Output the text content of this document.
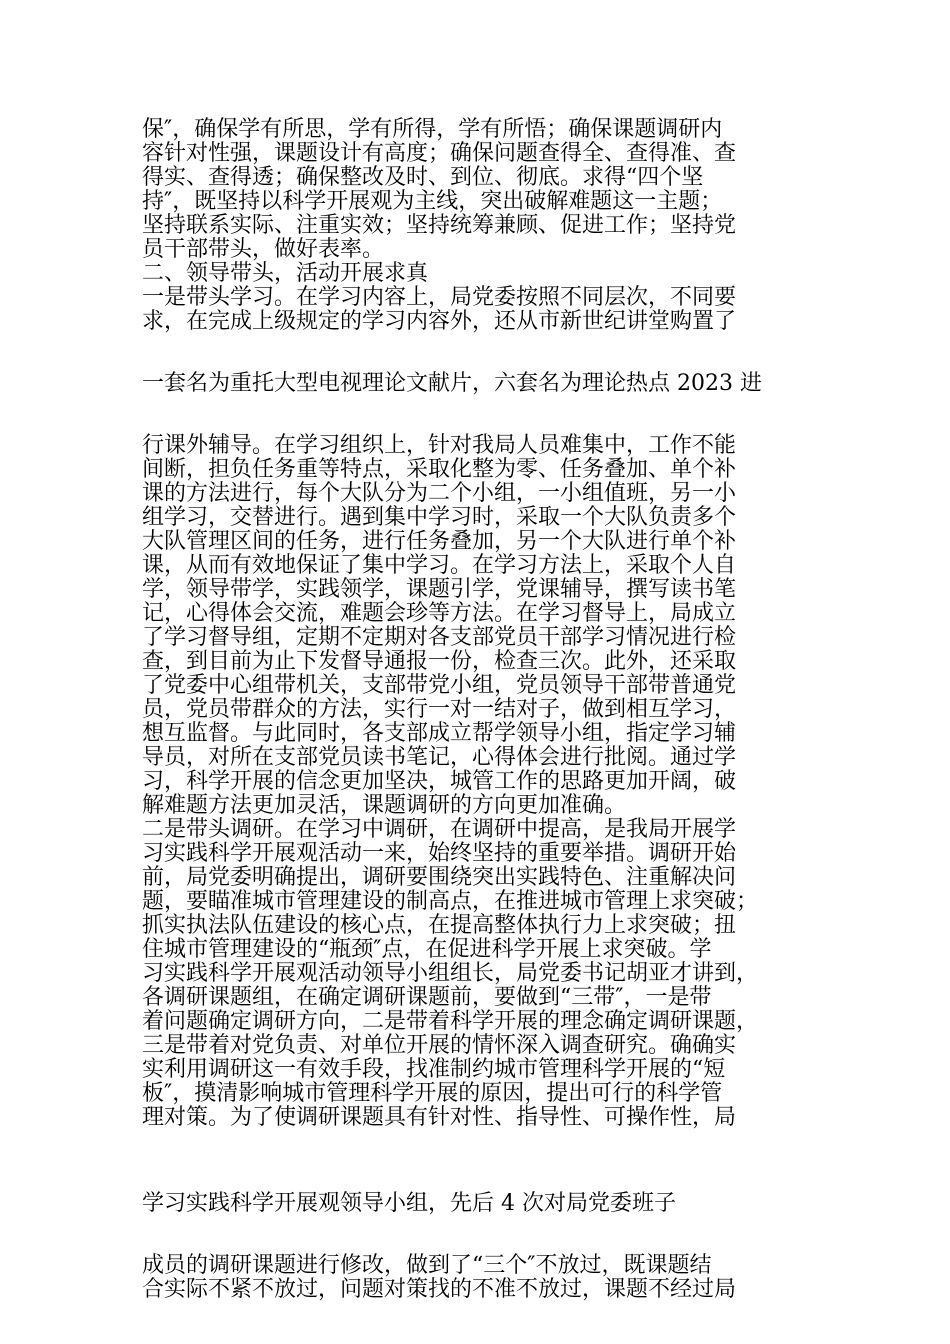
保″，确保学有所思，学有所得，学有所悟；确保课题调研内
容针对性强，课题设计有高度；确保问题查得全、查得准、查
得实、查得透；确保整改及时、到位、彻底。求得“四个坚
持″，既坚持以科学开展观为主线，突出破解难题这一主题；
坚持联系实际、注重实效；坚持统筹兼顾、促进工作；坚持党
员干部带头，做好表率。
二、领导带头，活动开展求真
一是带头学习。在学习内容上，局党委按照不同层次，不同要
求，在完成上级规定的学习内容外，还从市新世纪讲堂购置了
一套名为重托大型电视理论文献片，六套名为理论热点 2023 进
行课外辅导。在学习组织上，针对我局人员难集中，工作不能
间断，担负任务重等特点，采取化整为零、任务叠加、单个补
课的方法进行，每个大队分为二个小组，一小组值班，另一小
组学习，交替进行。遇到集中学习时，采取一个大队负责多个
大队管理区间的任务，进行任务叠加，另一个大队进行单个补
课，从而有效地保证了集中学习。在学习方法上，采取个人自
学，领导带学，实践领学，课题引学，党课辅导，撰写读书笔
记，心得体会交流，难题会珍等方法。在学习督导上，局成立
了学习督导组，定期不定期对各支部党员干部学习情况进行检
查，到目前为止下发督导通报一份，检查三次。此外，还采取
了党委中心组带机关，支部带党小组，党员领导干部带普通党
员，党员带群众的方法，实行一对一结对子，做到相互学习，
想互监督。与此同时，各支部成立帮学领导小组，指定学习辅
导员，对所在支部党员读书笔记，心得体会进行批阅。通过学
习，科学开展的信念更加坚决，城管工作的思路更加开阔，破
解难题方法更加灵活，课题调研的方向更加准确。
二是带头调研。在学习中调研，在调研中提高，是我局开展学
习实践科学开展观活动一来，始终坚持的重要举措。调研开始
前，局党委明确提出，调研要围绕突出实践特色、注重解决问
题，要瞄准城市管理建设的制高点，在推进城市管理上求突破；
抓实执法队伍建设的核心点，在提高整体执行力上求突破；扭
住城市管理建设的“瓶颈″点，在促进科学开展上求突破。学
习实践科学开展观活动领导小组组长，局党委书记胡亚才讲到，
各调研课题组，在确定调研课题前，要做到“三带″，一是带
着问题确定调研方向，二是带着科学开展的理念确定调研课题，
三是带着对党负责、对单位开展的情怀深入调查研究。确确实
实利用调研这一有效手段，找准制约城市管理科学开展的“短
板″，摸清影响城市管理科学开展的原因，提出可行的科学管
理对策。为了使调研课题具有针对性、指导性、可操作性，局
学习实践科学开展观领导小组，先后 4 次对局党委班子
成员的调研课题进行修改，做到了“三个″不放过，既课题结
合实际不紧不放过，问题对策找的不准不放过，课题不经过局
